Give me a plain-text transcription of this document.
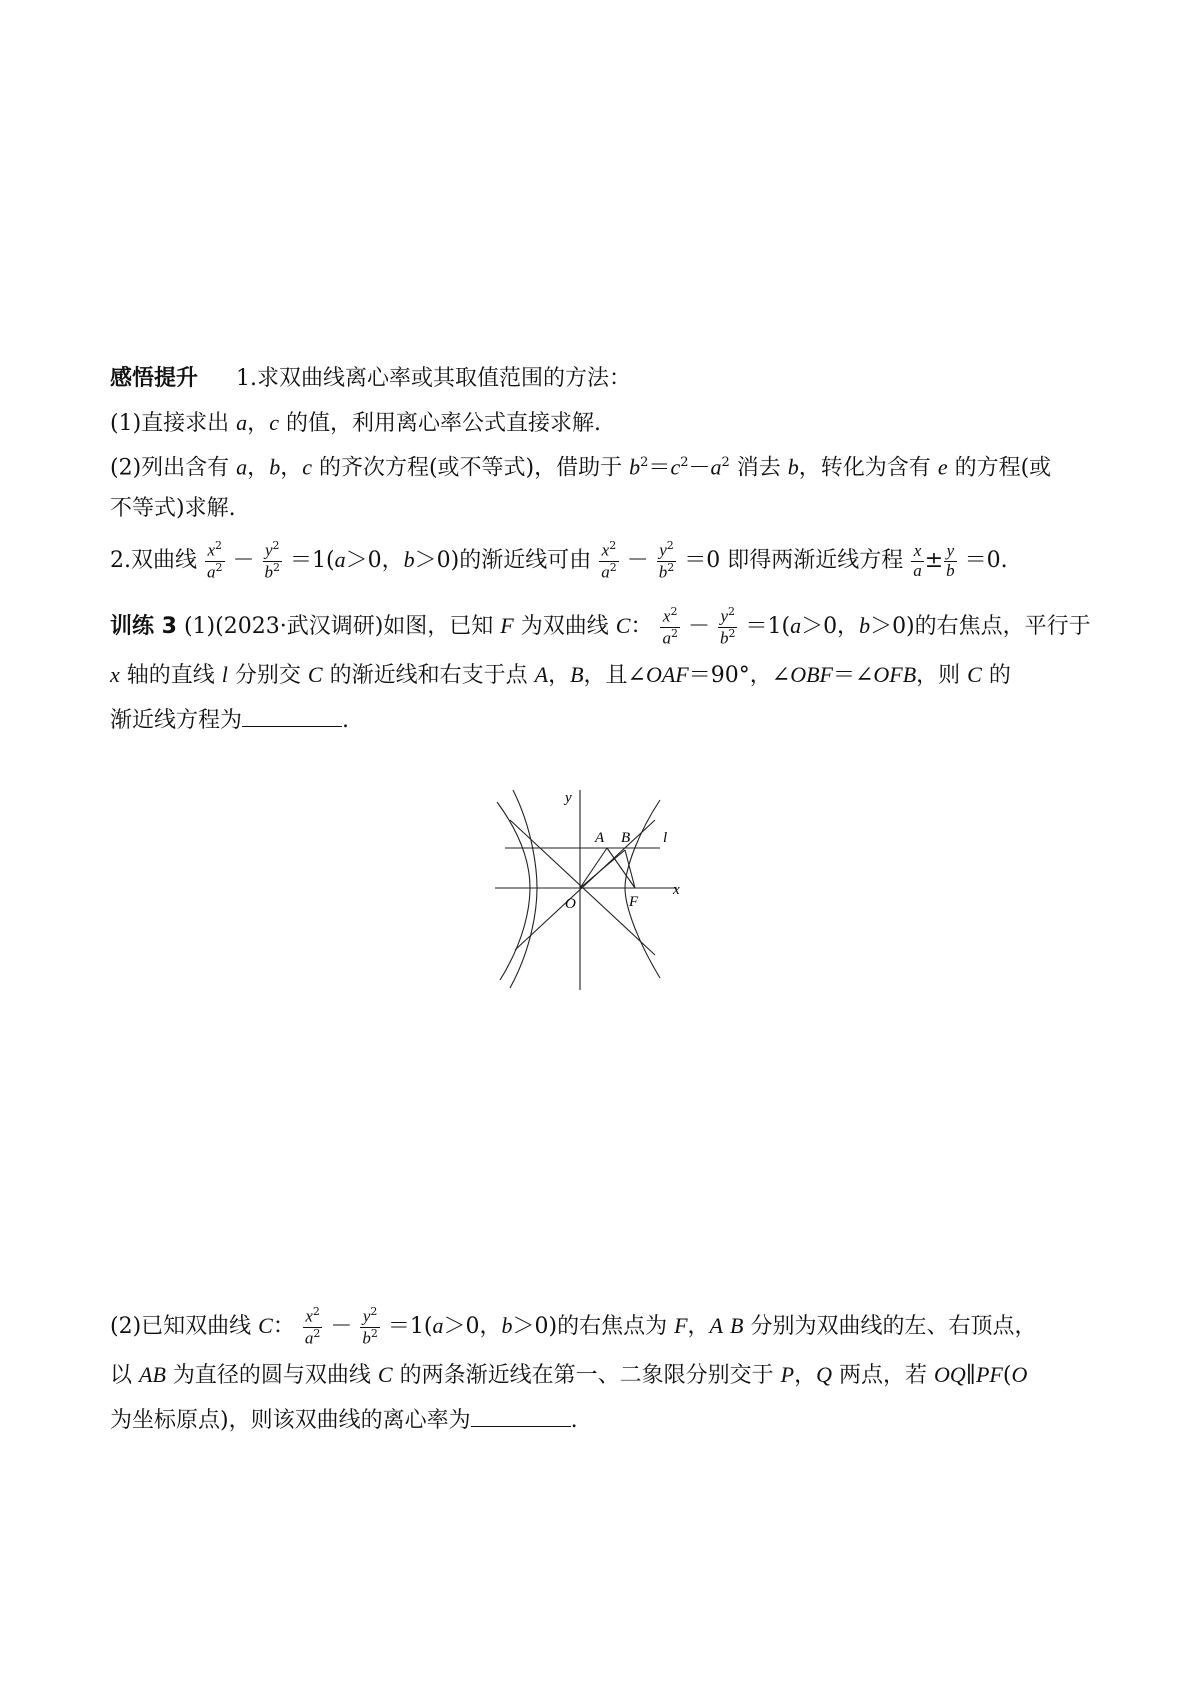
感悟提升 1.求双曲线离心率或其取值范围的方法：
(1)直接求出 a，c 的值，利用离心率公式直接求解.
(2)列出含有 a，b，c 的齐次方程(或不等式)，借助于 $b^2=c^2-a^2$ 消去 b，转化为含有 e 的方程(或
不等式)求解.
2.双曲线 $\frac{x^2}{a^2} - \frac{y^2}{b^2} =1(a>0$，b＞0)的渐近线可由 $\frac{x^2}{a^2} - \frac{y^2}{b^2} =0$ 即得两渐近线方程 $\frac{x}{a} \pm \frac{y}{b} =0$.
训练 3 (1)(2023·武汉调研)如图，已知 F 为双曲线 C： $\frac{x^2}{a^2} - \frac{y^2}{b^2} =1(a>0$，b＞0)的右焦点，平行于
x 轴的直线 l 分别交 C 的渐近线和右支于点 A，B，且∠OAF＝90°，∠OBF＝∠OFB，则 C 的
渐近线方程为	.
y
A B l
x
O	F
(2)已知双曲线 C： $\frac{x^2}{a^2} - \frac{y^2}{b^2} =1(a>0$，b＞0)的右焦点为 F，A B 分别为双曲线的左、右顶点，
以 AB 为直径的圆与双曲线 C 的两条渐近线在第一、二象限分别交于 P，Q 两点，若 OQ∥PF(O
为坐标原点)，则该双曲线的离心率为	.
